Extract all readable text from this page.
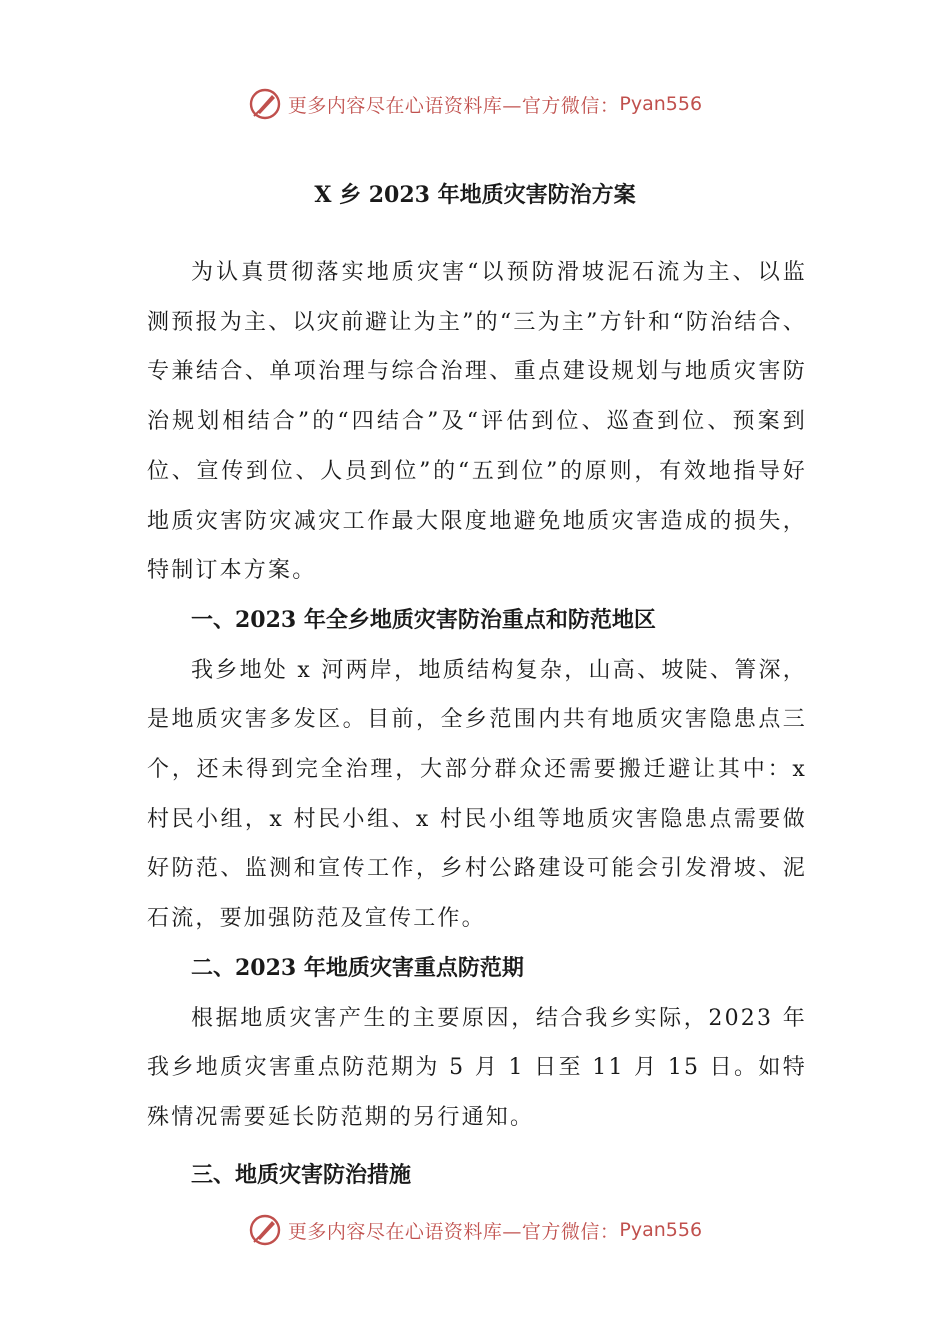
更多内容尽在心语资料库—官方微信： Pyan556
X 乡 2023 年地质灾害防治方案

为认真贯彻落实地质灾害“以预防滑坡泥石流为主、以监测预报为主、以灾前避让为主”的“三为主”方针和“防治结合、专兼结合、单项治理与综合治理、重点建设规划与地质灾害防治规划相结合”的“四结合”及“评估到位、巡查到位、预案到位、宣传到位、人员到位”的“五到位”的原则，有效地指导好地质灾害防灾减灾工作最大限度地避免地质灾害造成的损失，特制订本方案。

一、2023 年全乡地质灾害防治重点和防范地区

我乡地处 x 河两岸，地质结构复杂，山高、坡陡、箐深，是地质灾害多发区。目前，全乡范围内共有地质灾害隐患点三个，还未得到完全治理，大部分群众还需要搬迁避让其中：x 村民小组，x 村民小组、x 村民小组等地质灾害隐患点需要做好防范、监测和宣传工作，乡村公路建设可能会引发滑坡、泥石流，要加强防范及宣传工作。

二、2023 年地质灾害重点防范期

根据地质灾害产生的主要原因，结合我乡实际，2023 年我乡地质灾害重点防范期为 5 月 1 日至 11 月 15 日。如特殊情况需要延长防范期的另行通知。

三、地质灾害防治措施
更多内容尽在心语资料库—官方微信： Pyan556
